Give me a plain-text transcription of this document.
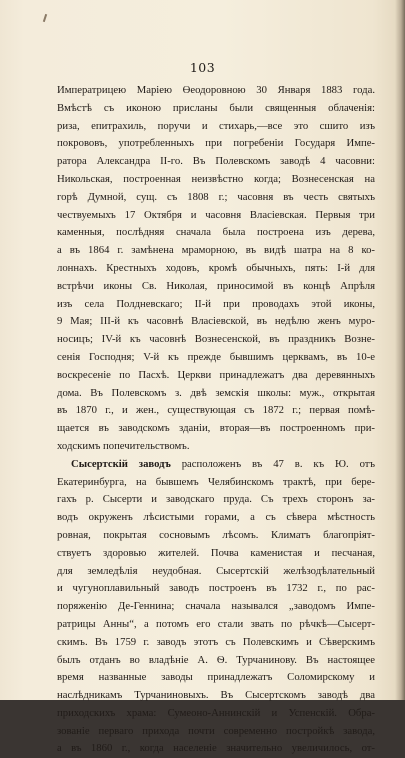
103
Императрицею Маріею Өеодоровною 30 Января 1883 года.
Вмѣстѣ съ иконою присланы были священныя облаченія:
риза, епитрахиль, поручи и стихарь,—все это сшито изъ
покрововъ, употребленныхъ при погребеніи Государя Импе-
ратора Александра II-го. Въ Полевскомъ заводѣ 4 часовни:
Никольская, построенная неизвѣстно когда; Вознесенская на
горѣ Думной, сущ. съ 1808 г.; часовня въ честь святыхъ
чествуемыхъ 17 Октября и часовня Власіевская. Первыя три
каменныя, послѣдняя сначала была построена изъ дерева,
а въ 1864 г. замѣнена мраморною, въ видѣ шатра на 8 ко-
лоннахъ. Крестныхъ ходовъ, кромѣ обычныхъ, пять: I-й для
встрѣчи иконы Св. Николая, приносимой въ концѣ Апрѣля
изъ села Полдневскаго; II-й при проводахъ этой иконы,
9 Мая; III-й къ часовнѣ Власіевской, въ недѣлю женъ муро-
носицъ; IV-й къ часовнѣ Вознесенской, въ праздникъ Возне-
сенія Господня; V-й къ прежде бывшимъ церквамъ, въ 10-е
воскресеніе по Пасхѣ. Церкви принадлежатъ два деревянныхъ
дома. Въ Полевскомъ з. двѣ земскія школы: муж., открытая
въ 1870 г., и жен., существующая съ 1872 г.; первая помѣ-
щается въ заводскомъ зданіи, вторая—въ построенномъ при-
ходскимъ попечительствомъ.
Сысертскій заводъ расположенъ въ 47 в. къ Ю. отъ
Екатеринбурга, на бывшемъ Челябинскомъ трактѣ, при бере-
гахъ р. Сысерти и заводскаго пруда. Съ трехъ сторонъ за-
водъ окруженъ лѣсистыми горами, а съ сѣвера мѣстность
ровная, покрытая сосновымъ лѣсомъ. Климатъ благопріят-
ствуетъ здоровью жителей. Почва каменистая и песчаная,
для земледѣлія неудобная. Сысертскій желѣзодѣлательный
и чугуноплавильный заводъ построенъ въ 1732 г., по рас-
поряженію Де-Геннина; сначала назывался „заводомъ Импе-
ратрицы Анны“, а потомъ его стали звать по рѣчкѣ—Сысерт-
скимъ. Въ 1759 г. заводъ этотъ съ Полевскимъ и Сѣверскимъ
былъ отданъ во владѣніе А. Ѳ. Турчанинову. Въ настоящее
время названные заводы принадлежатъ Соломирскому и
наслѣдникамъ Турчаниновыхъ. Въ Сысертскомъ заводѣ два
приходскихъ храма: Сумеоно-Аннинскій и Успенскій. Обра-
зованіе перваго прихода почти современно постройкѣ завода,
а въ 1860 г., когда населеніе значительно увеличилось, от-
